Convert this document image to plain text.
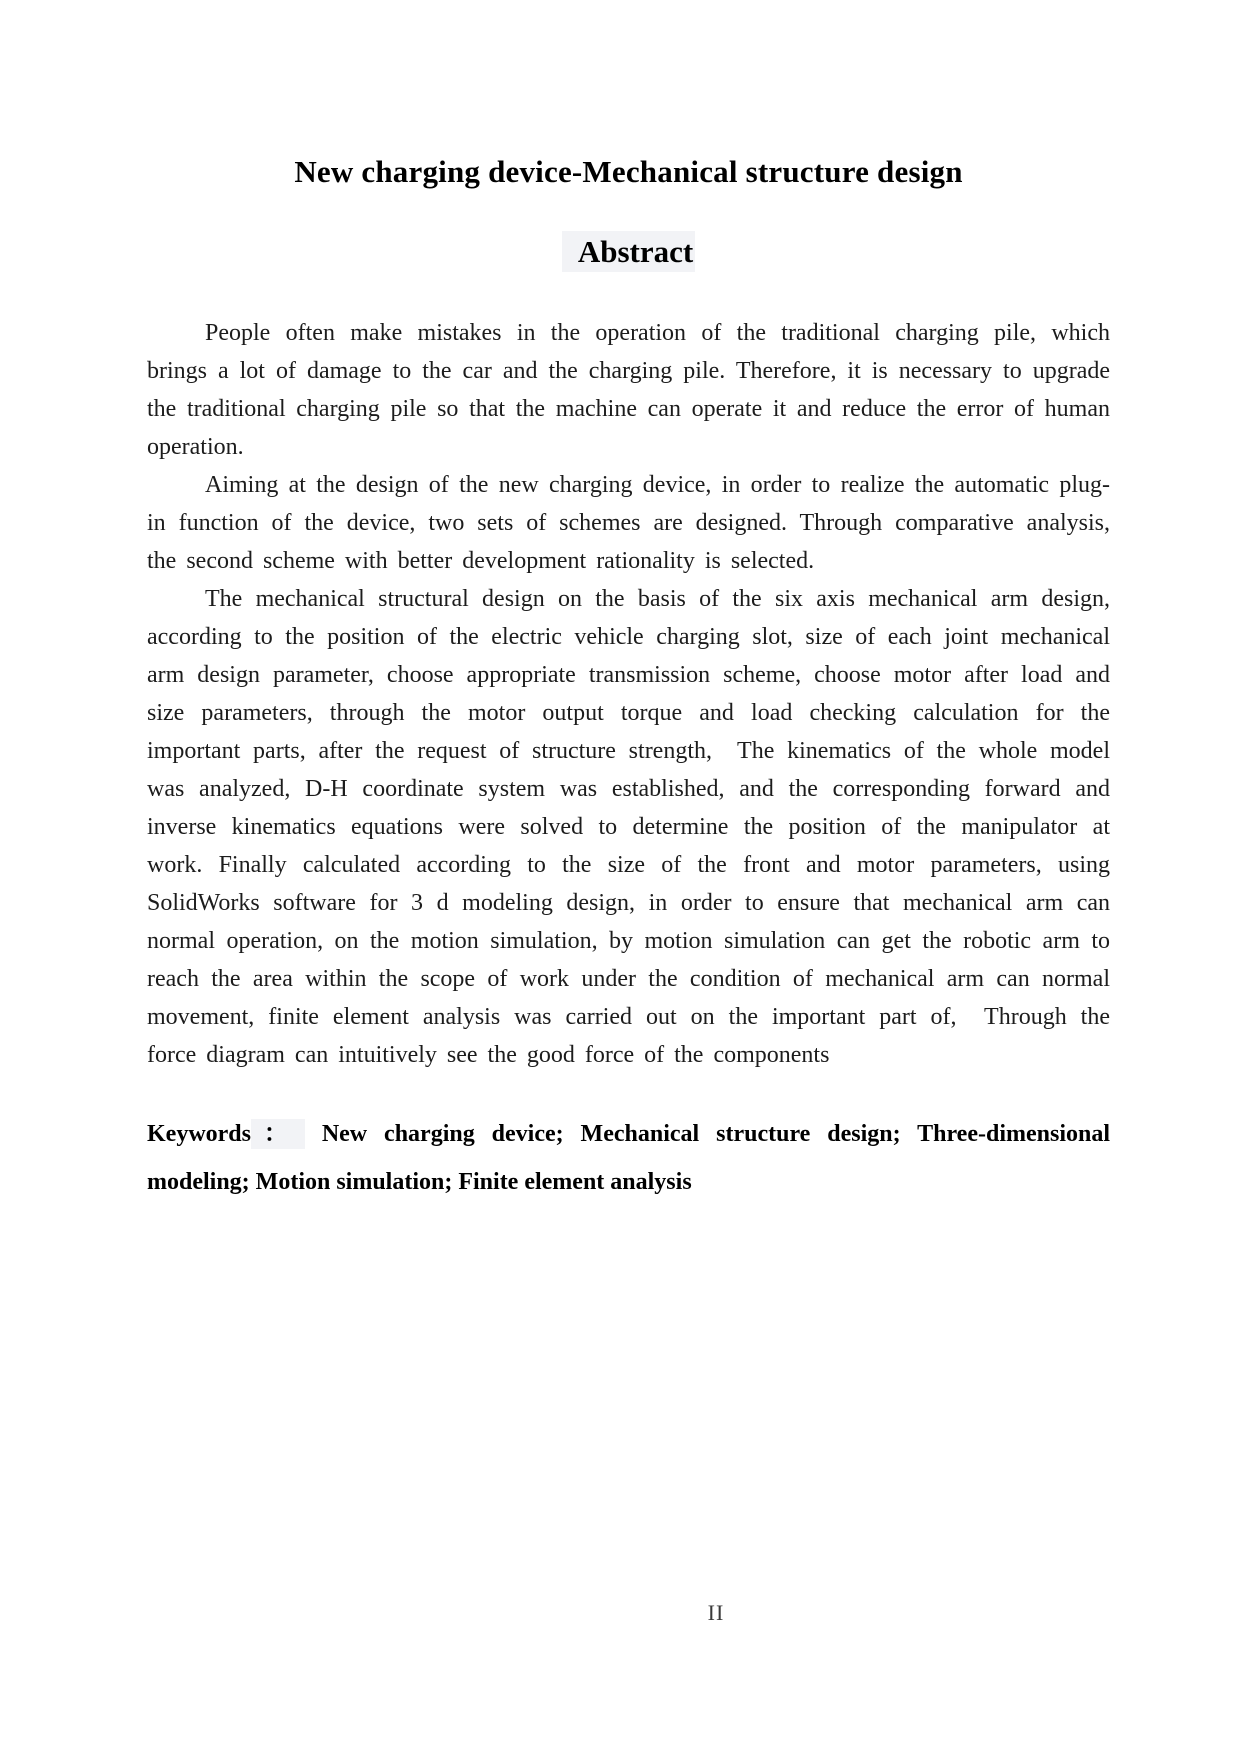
New charging device-Mechanical structure design
Abstract

People often make mistakes in the operation of the traditional charging pile, which brings a lot of damage to the car and the charging pile. Therefore, it is necessary to upgrade the traditional charging pile so that the machine can operate it and reduce the error of human operation.

Aiming at the design of the new charging device, in order to realize the automatic plug-in function of the device, two sets of schemes are designed. Through comparative analysis, the second scheme with better development rationality is selected.

The mechanical structural design on the basis of the six axis mechanical arm design, according to the position of the electric vehicle charging slot, size of each joint mechanical arm design parameter, choose appropriate transmission scheme, choose motor after load and size parameters, through the motor output torque and load checking calculation for the important parts, after the request of structure strength,  The kinematics of the whole model was analyzed, D-H coordinate system was established, and the corresponding forward and inverse kinematics equations were solved to determine the position of the manipulator at work. Finally calculated according to the size of the front and motor parameters, using SolidWorks software for 3 d modeling design, in order to ensure that mechanical arm can normal operation, on the motion simulation, by motion simulation can get the robotic arm to reach the area within the scope of work under the condition of mechanical arm can normal movement, finite element analysis was carried out on the important part of,  Through the force diagram can intuitively see the good force of the components

Keywords： New charging device; Mechanical structure design; Three-dimensional
modeling; Motion simulation; Finite element analysis
II
